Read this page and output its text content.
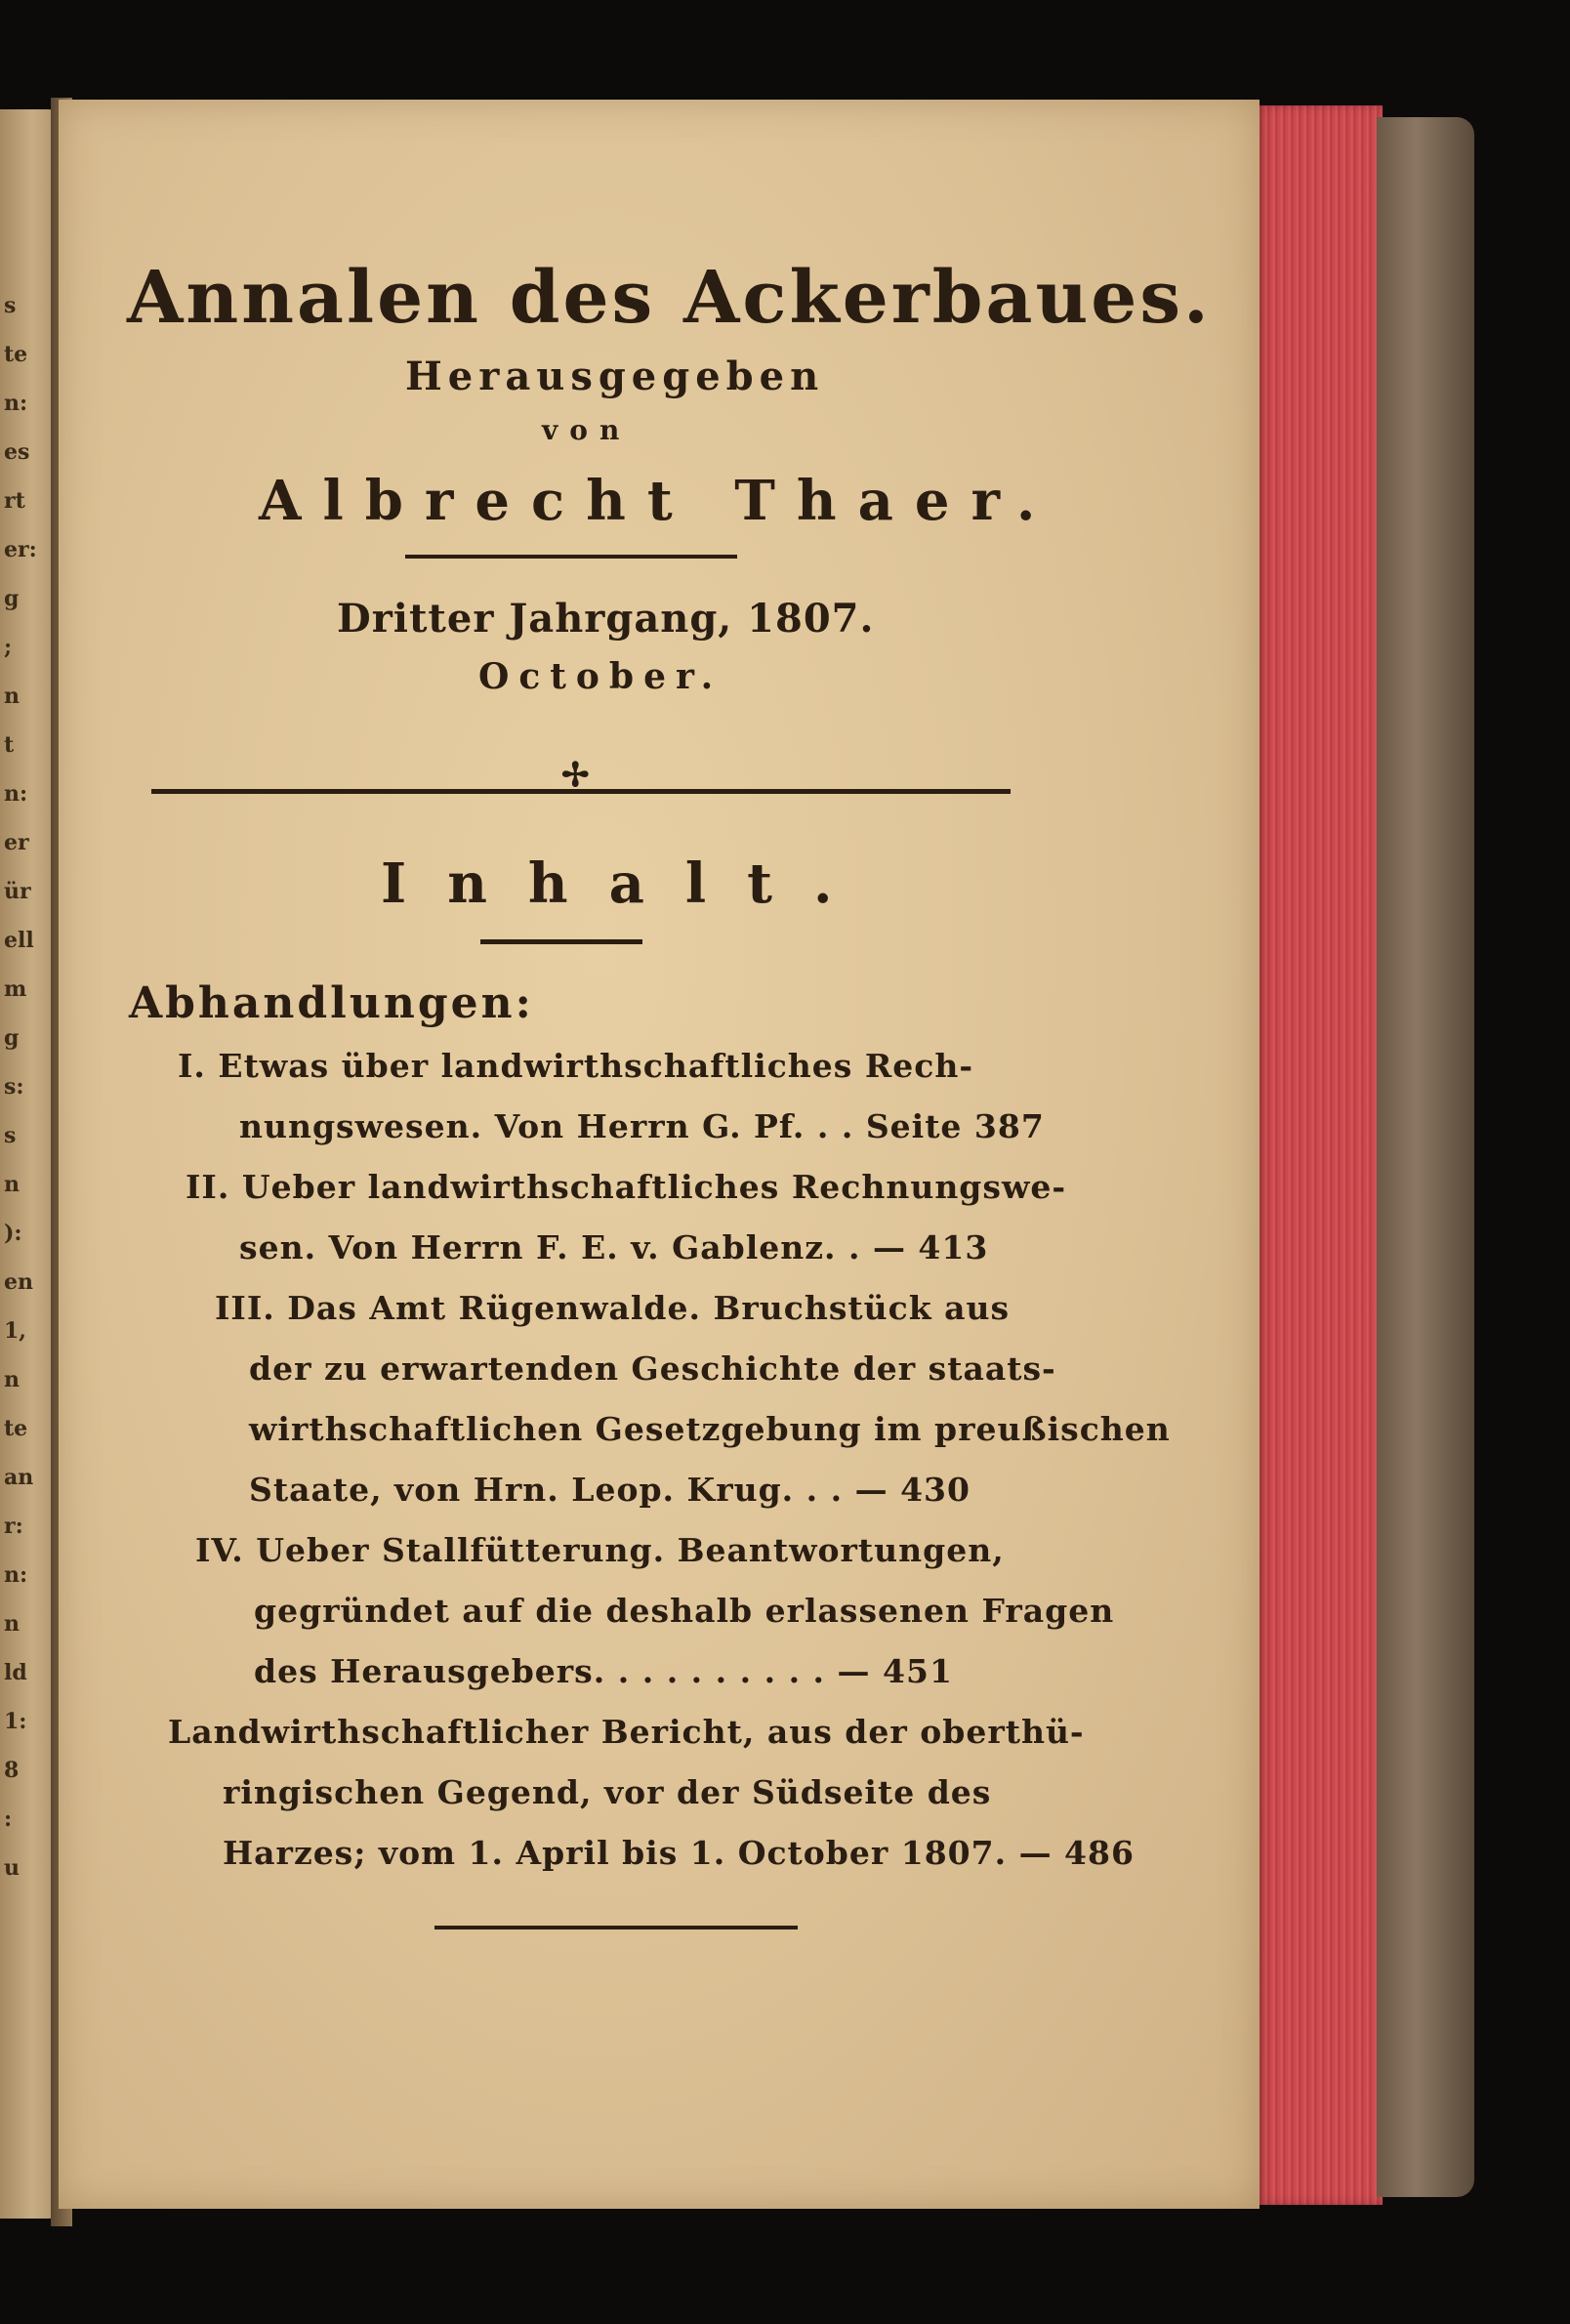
s
te
n:
es
rt
er:
g
;
n
t
n:
er
ür
ell
m
g
s:
s
n
):
en
1,
n
te
an
r:
n:
n
ld
1:
8
:
u
Annalen des Ackerbaues.
Herausgegeben
von
Albrecht Thaer.
Dritter Jahrgang, 1807.
October.
✢
Inhalt.
Abhandlungen:
I. Etwas über landwirthschaftliches Rech-
nungswesen. Von Herrn G. Pf. . . Seite 387
II. Ueber landwirthschaftliches Rechnungswe-
sen. Von Herrn F. E. v. Gablenz. . — 413
III. Das Amt Rügenwalde. Bruchstück aus
der zu erwartenden Geschichte der staats-
wirthschaftlichen Gesetzgebung im preußischen
Staate, von Hrn. Leop. Krug. . . — 430
IV. Ueber Stallfütterung. Beantwortungen,
gegründet auf die deshalb erlassenen Fragen
des Herausgebers. . . . . . . . . . — 451
Landwirthschaftlicher Bericht, aus der oberthü-
ringischen Gegend, vor der Südseite des
Harzes; vom 1. April bis 1. October 1807. — 486
